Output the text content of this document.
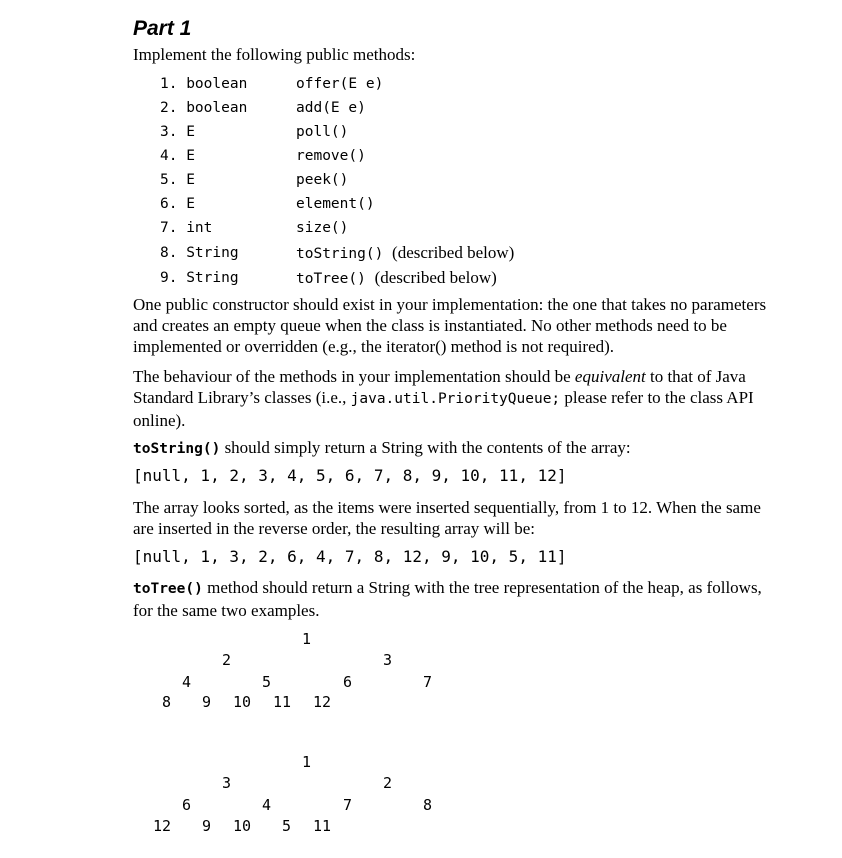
Part 1
Implement the following public methods:
1. boolean	offer(E e)
2. boolean	add(E e)
3. E	poll()
4. E	remove()
5. E	peek()
6. E	element()
7. int	size()
8. String	toString() (described below)
9. String	toTree() (described below)
One public constructor should exist in your implementation: the one that takes no parameters and creates an empty queue when the class is instantiated. No other methods need to be implemented or overridden (e.g., the iterator() method is not required).
The behaviour of the methods in your implementation should be equivalent to that of Java Standard Library’s classes (i.e., java.util.PriorityQueue; please refer to the class API online).
toString() should simply return a String with the contents of the array:
[null, 1, 2, 3, 4, 5, 6, 7, 8, 9, 10, 11, 12]
The array looks sorted, as the items were inserted sequentially, from 1 to 12. When the same are inserted in the reverse order, the resulting array will be:
[null, 1, 3, 2, 6, 4, 7, 8, 12, 9, 10, 5, 11]
toTree() method should return a String with the tree representation of the heap, as follows, for the same two examples.
1
2	3
4	5	6	7
8 9 10 11 12
1
3	2
6	4	7	8
12 9 10 5 11
